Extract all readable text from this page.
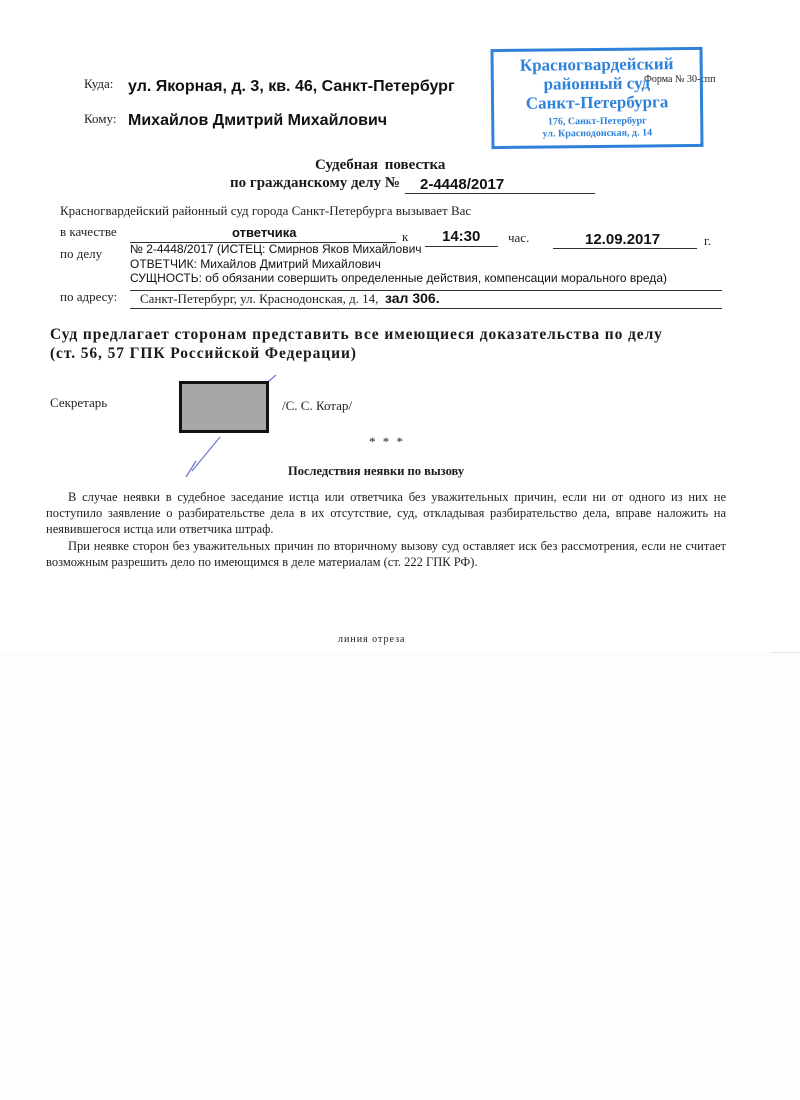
Куда: ул. Якорная, д. 3, кв. 46, Санкт-Петербург
Кому: Михайлов Дмитрий Михайлович
Форма № 30-спп
Красногвардейский
районный суд
Санкт-Петербурга
176, Санкт-Петербург
ул. Краснодонская, д. 14
Судебная повестка
по гражданскому делу № 2-4448/2017
Красногвардейский районный суд города Санкт-Петербурга вызывает Вас
в качестве	ответчика	к 14:30 час.	12.09.2017	г.
по делу № 2-4448/2017 (ИСТЕЦ: Смирнов Яков Михайлович
ОТВЕТЧИК: Михайлов Дмитрий Михайлович
СУЩНОСТЬ: об обязании совершить определенные действия, компенсации морального вреда)
по адресу: Санкт-Петербург, ул. Краснодонская, д. 14, зал 306.
Суд предлагает сторонам представить все имеющиеся доказательства по делу
(ст. 56, 57 ГПК Российской Федерации)
Секретарь	/С. С. Котар/
* * *
Последствия неявки по вызову
В случае неявки в судебное заседание истца или ответчика без уважительных причин, если ни от одного из них не поступило заявление о разбирательстве дела в их отсутствие, суд, откладывая разбирательство дела, вправе наложить на неявившегося истца или ответчика штраф.
При неявке сторон без уважительных причин по вторичному вызову суд оставляет иск без рассмотрения, если не считает возможным разрешить дело по имеющимся в деле материалам (ст. 222 ГПК РФ).
линия отреза
